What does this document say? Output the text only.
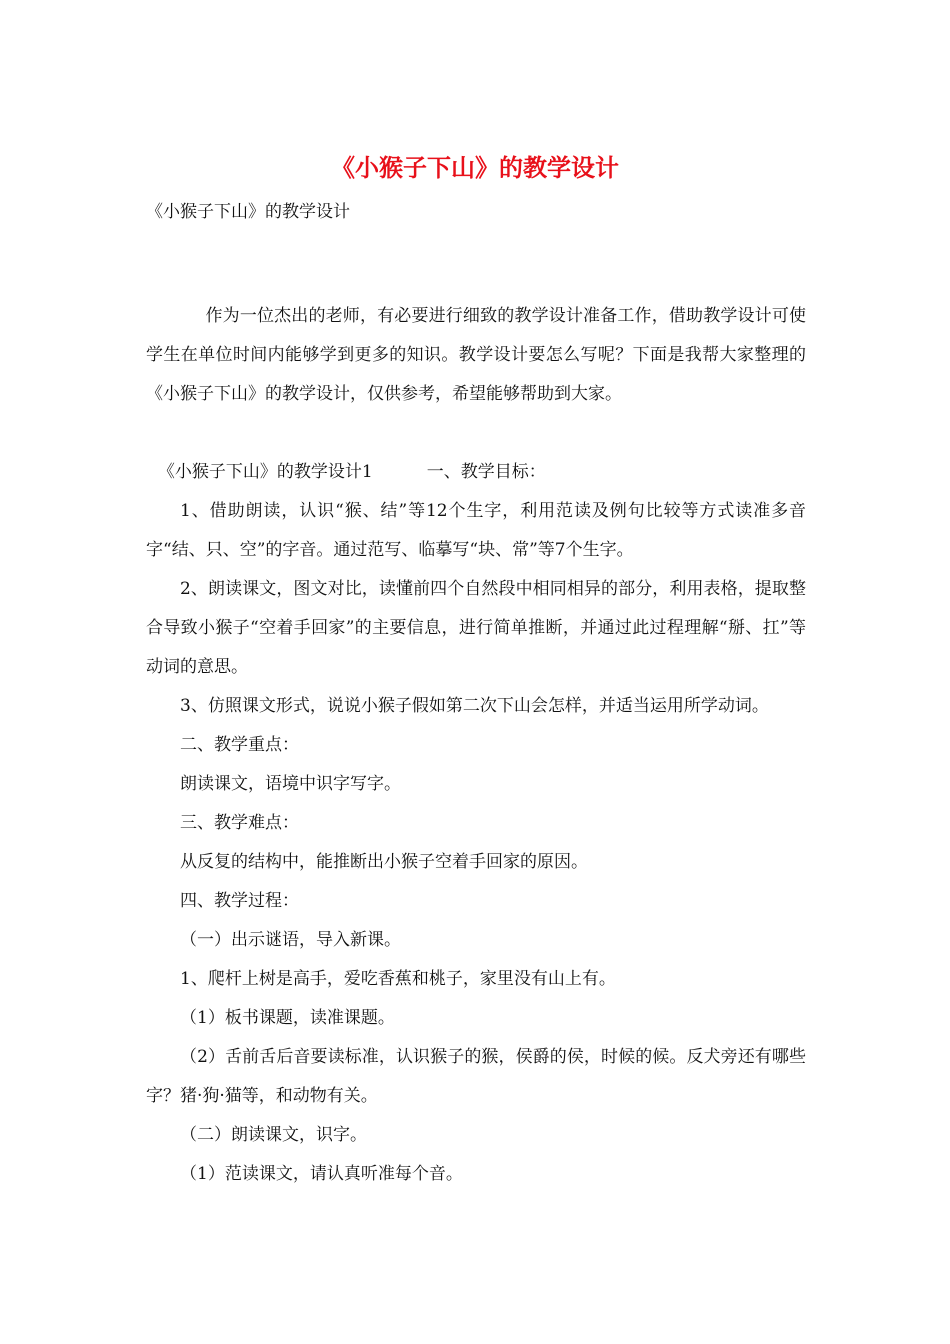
《小猴子下山》的教学设计
《小猴子下山》的教学设计

作为一位杰出的老师，有必要进行细致的教学设计准备工作，借助教学设计可使学生在单位时间内能够学到更多的知识。教学设计要怎么写呢？下面是我帮大家整理的《小猴子下山》的教学设计，仅供参考，希望能够帮助到大家。

《小猴子下山》的教学设计1	一、教学目标：

1、借助朗读，认识“猴、结”等12个生字，利用范读及例句比较等方式读准多音字“结、只、空”的字音。通过范写、临摹写“块、常”等7个生字。

2、朗读课文，图文对比，读懂前四个自然段中相同相异的部分，利用表格，提取整合导致小猴子“空着手回家”的主要信息，进行简单推断，并通过此过程理解“掰、扛”等动词的意思。

3、仿照课文形式，说说小猴子假如第二次下山会怎样，并适当运用所学动词。

二、教学重点：

朗读课文，语境中识字写字。

三、教学难点：

从反复的结构中，能推断出小猴子空着手回家的原因。

四、教学过程：

（一）出示谜语，导入新课。

1、爬杆上树是高手，爱吃香蕉和桃子，家里没有山上有。

（1）板书课题，读准课题。

（2）舌前舌后音要读标准，认识猴子的猴，侯爵的侯，时候的候。反犬旁还有哪些字？猪·狗·猫等，和动物有关。

（二）朗读课文，识字。

（1）范读课文，请认真听准每个音。
